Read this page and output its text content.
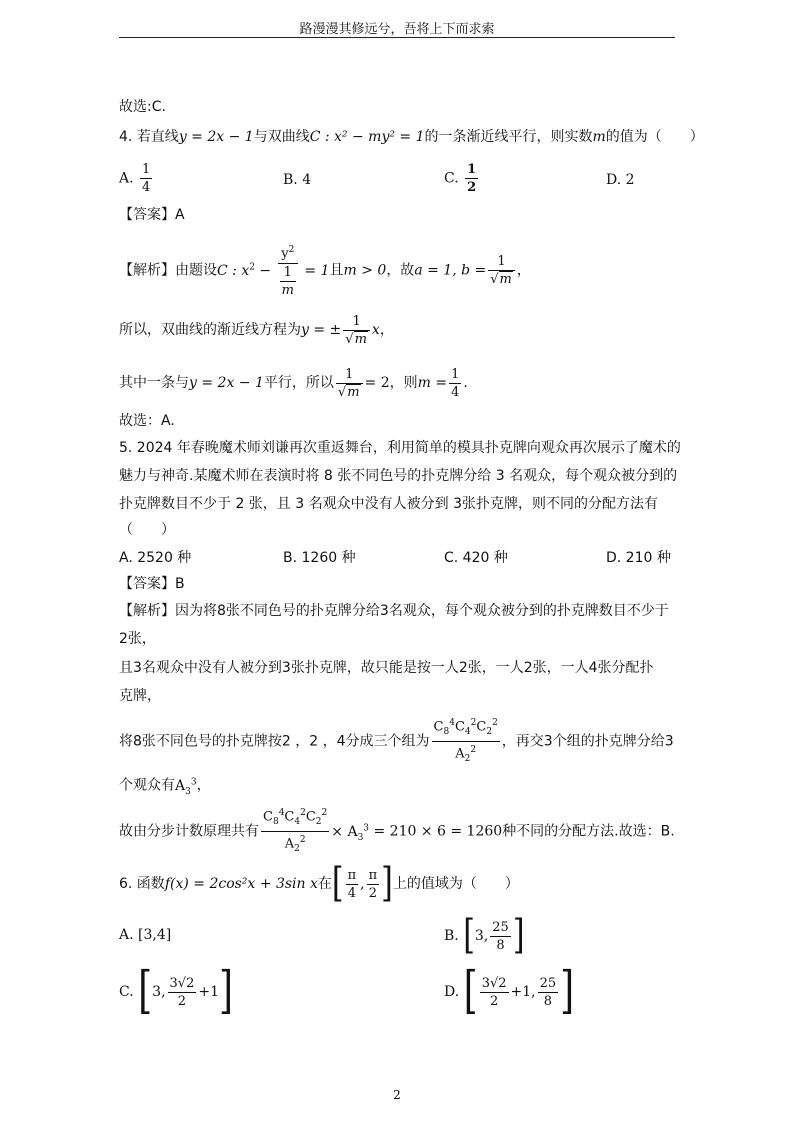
路漫漫其修远兮，吾将上下而求索
故选:C.
4. 若直线y = 2x − 1与双曲线C : x² − my² = 1的一条渐近线平行，则实数m的值为（　　）
A. $\frac{1}{4}$	B. 4	C. $\frac{1}{2}$	D. 2
【答案】A
【解析】由题设C : $x^2 - \frac{y^2}{\frac{1}{m}} = 1$且m > 0，故a = 1, $b = \frac{1}{√m}$ ，
所以，双曲线的渐近线方程为y = ± $\frac{1}{√m}$ x，
其中一条与y = 2x − 1平行，所以 $\frac{1}{√m} = 2$，则$m = \frac{1}{4}$ .
故选：A.
5. 2024 年春晚魔术师刘谦再次重返舞台，利用简单的模具扑克牌向观众再次展示了魔术的
魅力与神奇.某魔术师在表演时将 8 张不同色号的扑克牌分给 3 名观众，每个观众被分到的
扑克牌数目不少于 2 张，且 3 名观众中没有人被分到 3张扑克牌，则不同的分配方法有
（　　）
A. 2520 种	B. 1260 种	C. 420 种	D. 210 种
【答案】B
【解析】因为将8张不同色号的扑克牌分给3名观众，每个观众被分到的扑克牌数目不少于
2张，
且3名观众中没有人被分到3张扑克牌，故只能是按一人2张，一人2张，一人4张分配扑
克牌，
将8张不同色号的扑克牌按2 ，2 ，4分成三个组为 $\frac{C_8^4C_4^2C_2^2}{A_2^2}$ ，再交3个组的扑克牌分给3
个观众有$A_3^3$，
故由分步计数原理共有 $\frac{C_8^4C_4^2C_2^2}{A_2^2} \times A_3^3 = 210 \times 6 = 1260$种不同的分配方法.故选：B.
6. 函数f(x) = 2cos²x + 3sin x在[ $\frac{\pi}{4}$ , $\frac{\pi}{2}$ ]上的值域为（　　）
A. [3,4]	B. [3, $\frac{25}{8}$ ]
C. [3, $\frac{3√2}{2} +1$]	D. [ $\frac{3√2}{2} +1$, $\frac{25}{8}$ ]
2
